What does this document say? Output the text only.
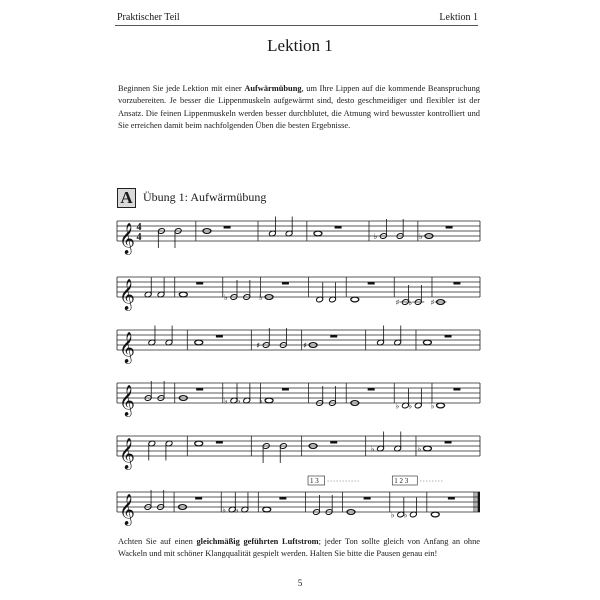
Praktischer Teil	Lektion 1
Lektion 1

Beginnen Sie jede Lektion mit einer Aufwärmübung, um Ihre Lippen auf die kommende Beanspruchung vorzubereiten. Je besser die Lippenmuskeln aufgewärmt sind, desto geschmeidiger und flexibler ist der Ansatz. Die feinen Lippenmuskeln werden besser durchblutet, die Atmung wird bewusster kontrolliert und Sie erreichen damit beim nachfolgenden Üben die besten Ergebnisse.

A Übung 1: Aufwärmübung
𝄞 4
4	♭	♭
𝄞	♭	♭
♯ ♭ ♯
𝄞	♯	♯
𝄞	♭ ♭ ♭
♭ ♭ ♭
𝄞	♭	♭
𝄞	♭ ♭
1 3
♭ ♭
1 2 3

Achten Sie auf einen gleichmäßig geführten Luftstrom; jeder Ton sollte gleich von Anfang an ohne Wackeln und mit schöner Klangqualität gespielt werden. Halten Sie bitte die Pausen genau ein!

5
